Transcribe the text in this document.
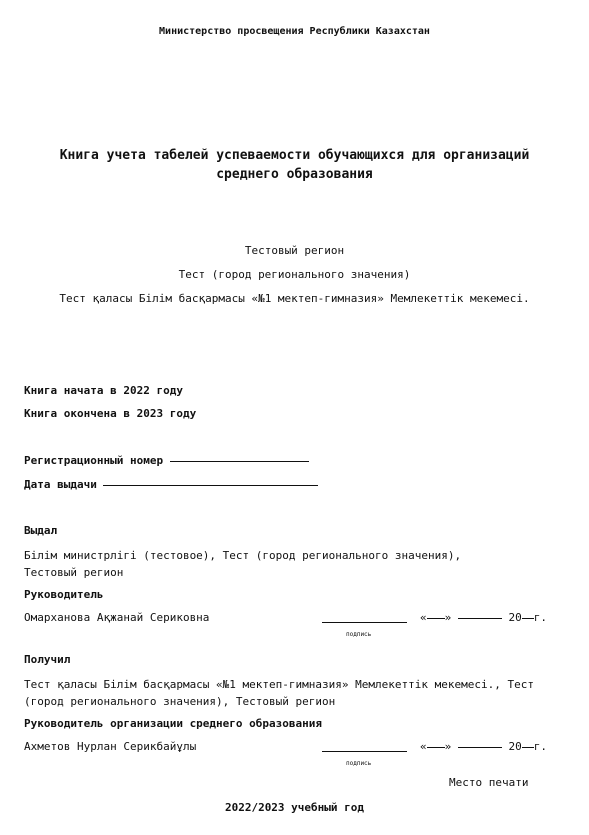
Министерство просвещения Республики Казахстан
Книга учета табелей успеваемости обучающихся для организаций среднего образования
Тестовый регион
Тест (город регионального значения)
Тест қаласы Білім басқармасы «№1 мектеп-гимназия» Мемлекеттік мекемесі.
Книга начата в 2022 году
Книга окончена в 2023 году
Регистрационный номер
Дата выдачи
Выдал
Білім министрлігі (тестовое), Тест (город регионального значения), Тестовый регион
Руководитель
Омарханова Ақжанай Сериковна
подпись
« »	20 г.
Получил
Тест қаласы Білім басқармасы «№1 мектеп-гимназия» Мемлекеттік мекемесі., Тест (город регионального значения), Тестовый регион
Руководитель организации среднего образования
Ахметов Нурлан Серикбайұлы
подпись
« »	20 г.
Место печати
2022/2023 учебный год
